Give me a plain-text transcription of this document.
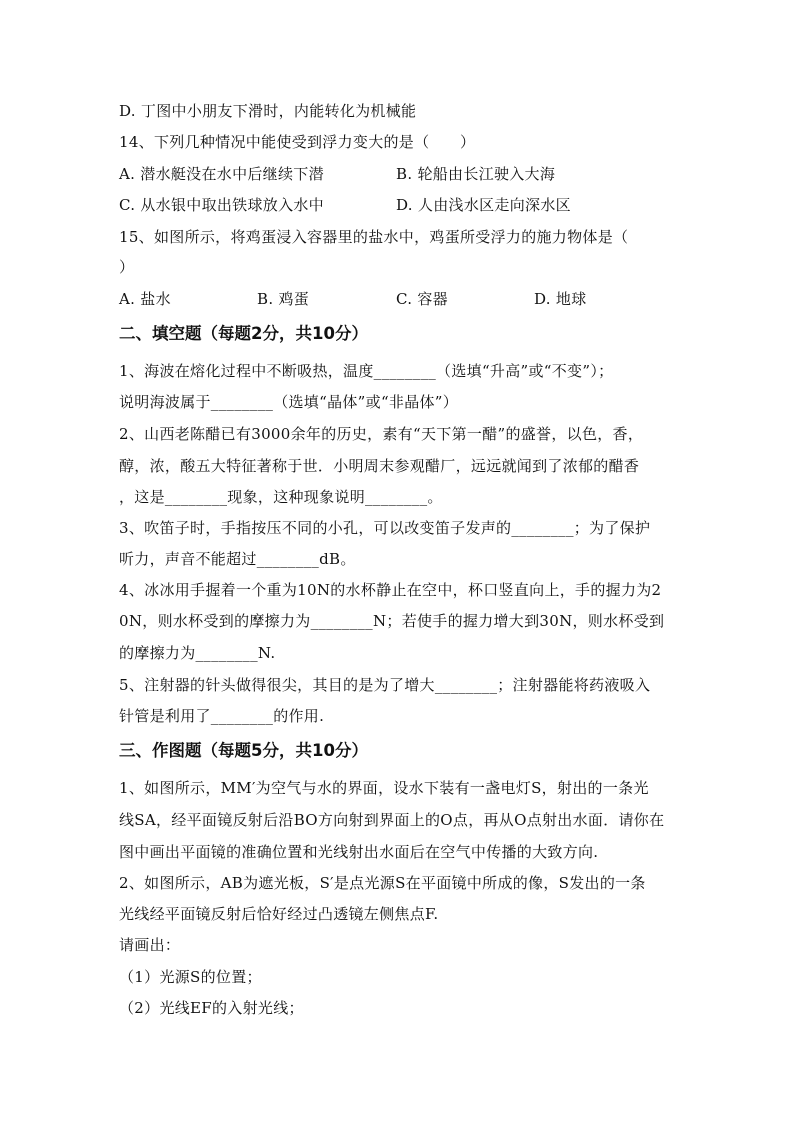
D. 丁图中小朋友下滑时，内能转化为机械能
14、下列几种情况中能使受到浮力变大的是（　　）
A. 潜水艇没在水中后继续下潜	B. 轮船由长江驶入大海
C. 从水银中取出铁球放入水中	D. 人由浅水区走向深水区
15、如图所示，将鸡蛋浸入容器里的盐水中，鸡蛋所受浮力的施力物体是（
）
A. 盐水	B. 鸡蛋	C. 容器	D. 地球
二、填空题（每题2分，共10分）
1、海波在熔化过程中不断吸热，温度________（选填“升高”或“不变”）；
说明海波属于________（选填“晶体”或“非晶体”）
2、山西老陈醋已有3000余年的历史，素有“天下第一醋”的盛誉，以色，香，
醇，浓，酸五大特征著称于世．小明周末参观醋厂，远远就闻到了浓郁的醋香
，这是________现象，这种现象说明________。
3、吹笛子时，手指按压不同的小孔，可以改变笛子发声的________；为了保护
听力，声音不能超过________dB。
4、冰冰用手握着一个重为10N的水杯静止在空中，杯口竖直向上，手的握力为2
0N，则水杯受到的摩擦力为________N；若使手的握力增大到30N，则水杯受到
的摩擦力为________N.
5、注射器的针头做得很尖，其目的是为了增大________；注射器能将药液吸入
针管是利用了________的作用.
三、作图题（每题5分，共10分）
1、如图所示，MM′为空气与水的界面，设水下装有一盏电灯S，射出的一条光
线SA，经平面镜反射后沿BO方向射到界面上的O点，再从O点射出水面．请你在
图中画出平面镜的准确位置和光线射出水面后在空气中传播的大致方向.
2、如图所示，AB为遮光板，S′是点光源S在平面镜中所成的像，S发出的一条
光线经平面镜反射后恰好经过凸透镜左侧焦点F.
请画出：
（1）光源S的位置；
（2）光线EF的入射光线；
